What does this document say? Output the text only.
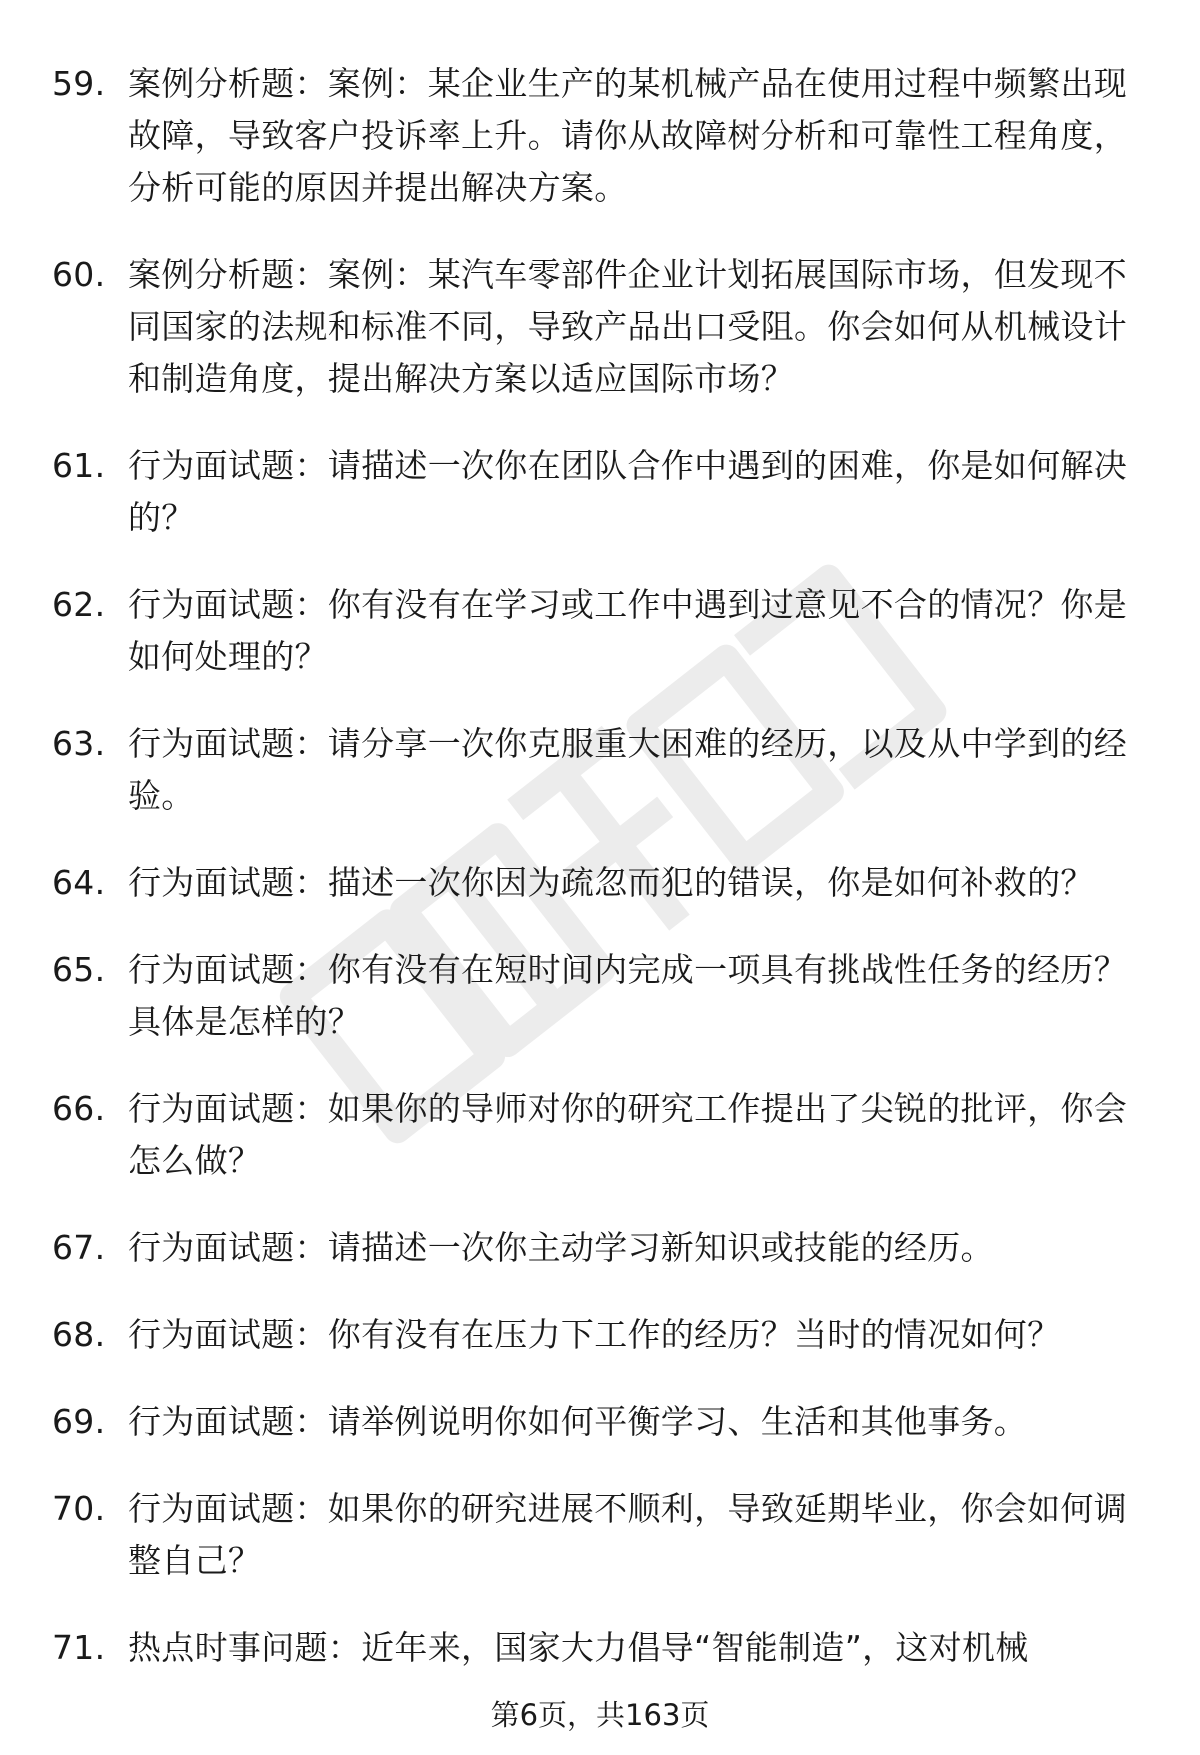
59. 案例分析题：案例：某企业生产的某机械产品在使用过程中频繁出现故障，导致客户投诉率上升。请你从故障树分析和可靠性工程角度，分析可能的原因并提出解决方案。
60. 案例分析题：案例：某汽车零部件企业计划拓展国际市场，但发现不同国家的法规和标准不同，导致产品出口受阻。你会如何从机械设计和制造角度，提出解决方案以适应国际市场？
61. 行为面试题：请描述一次你在团队合作中遇到的困难，你是如何解决的？
62. 行为面试题：你有没有在学习或工作中遇到过意见不合的情况？你是如何处理的？
63. 行为面试题：请分享一次你克服重大困难的经历，以及从中学到的经验。
64. 行为面试题：描述一次你因为疏忽而犯的错误，你是如何补救的？
65. 行为面试题：你有没有在短时间内完成一项具有挑战性任务的经历？具体是怎样的？
66. 行为面试题：如果你的导师对你的研究工作提出了尖锐的批评，你会怎么做？
67. 行为面试题：请描述一次你主动学习新知识或技能的经历。
68. 行为面试题：你有没有在压力下工作的经历？当时的情况如何？
69. 行为面试题：请举例说明你如何平衡学习、生活和其他事务。
70. 行为面试题：如果你的研究进展不顺利，导致延期毕业，你会如何调整自己？
71. 热点时事问题：近年来，国家大力倡导“智能制造”，这对机械
第6页，共163页
